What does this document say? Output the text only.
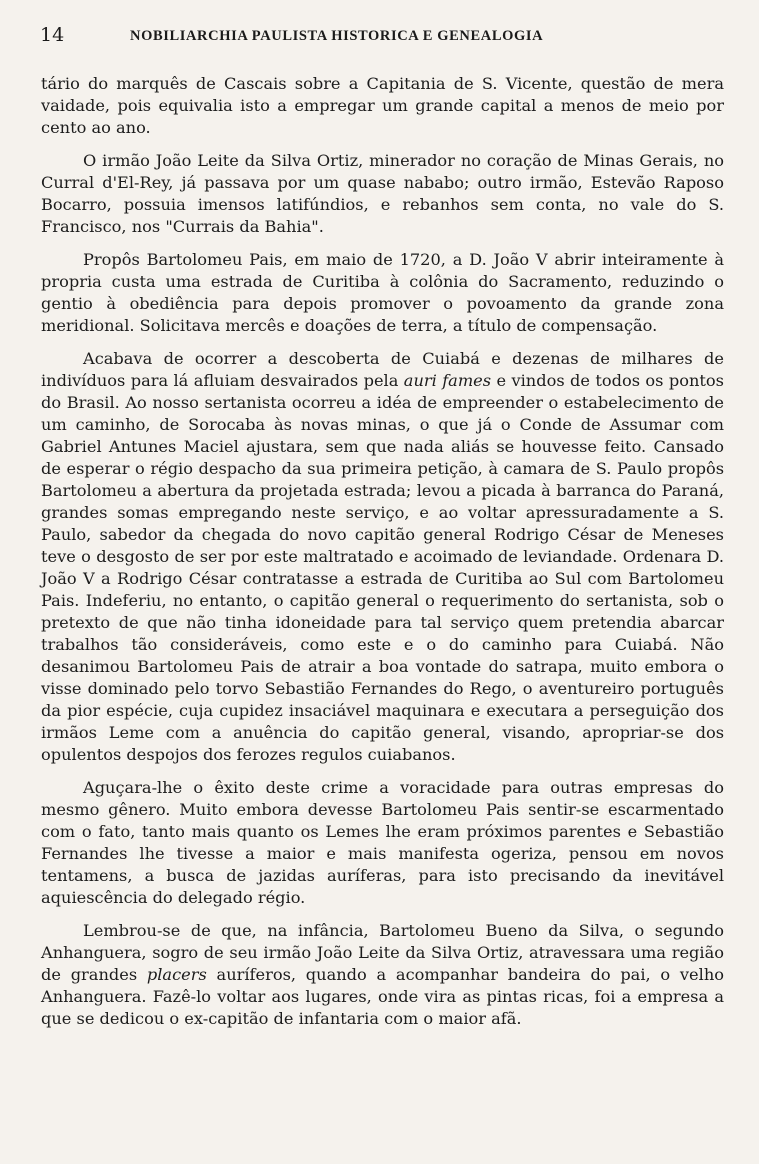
14	NOBILIARCHIA PAULISTA HISTORICA E GENEALOGIA

tário do marquês de Cascais sobre a Capitania de S. Vicente, questão de mera vaidade, pois equivalia isto a empregar um grande capital a menos de meio por cento ao ano.

O irmão João Leite da Silva Ortiz, minerador no coração de Minas Gerais, no Curral d'El-Rey, já passava por um quase nababo; outro irmão, Estevão Raposo Bocarro, possuia imensos latifúndios, e rebanhos sem conta, no vale do S. Francisco, nos "Currais da Bahia".

Propôs Bartolomeu Pais, em maio de 1720, a D. João V abrir inteiramente à propria custa uma estrada de Curitiba à colônia do Sacramento, reduzindo o gentio à obediência para depois promover o povoamento da grande zona meridional. Solicitava mercês e doações de terra, a título de compensação.

Acabava de ocorrer a descoberta de Cuiabá e dezenas de milhares de indivíduos para lá afluiam desvairados pela auri fames e vindos de todos os pontos do Brasil. Ao nosso sertanista ocorreu a idéa de empreender o estabelecimento de um caminho, de Sorocaba às novas minas, o que já o Conde de Assumar com Gabriel Antunes Maciel ajustara, sem que nada aliás se houvesse feito. Cansado de esperar o régio despacho da sua primeira petição, à camara de S. Paulo propôs Bartolomeu a abertura da projetada estrada; levou a picada à barranca do Paraná, grandes somas empregando neste serviço, e ao voltar apressuradamente a S. Paulo, sabedor da chegada do novo capitão general Rodrigo César de Meneses teve o desgosto de ser por este maltratado e acoimado de leviandade. Ordenara D. João V a Rodrigo César contratasse a estrada de Curitiba ao Sul com Bartolomeu Pais. Indeferiu, no entanto, o capitão general o requerimento do sertanista, sob o pretexto de que não tinha idoneidade para tal serviço quem pretendia abarcar trabalhos tão consideráveis, como este e o do caminho para Cuiabá. Não desanimou Bartolomeu Pais de atrair a boa vontade do satrapa, muito embora o visse dominado pelo torvo Sebastião Fernandes do Rego, o aventureiro português da pior espécie, cuja cupidez insaciável maquinara e executara a perseguição dos irmãos Leme com a anuência do capitão general, visando, apropriar-se dos opulentos despojos dos ferozes regulos cuiabanos.

Aguçara-lhe o êxito deste crime a voracidade para outras empresas do mesmo gênero. Muito embora devesse Bartolomeu Pais sentir-se escarmentado com o fato, tanto mais quanto os Lemes lhe eram próximos parentes e Sebastião Fernandes lhe tivesse a maior e mais manifesta ogeriza, pensou em novos tentamens, a busca de jazidas auríferas, para isto precisando da inevitável aquiescência do delegado régio.

Lembrou-se de que, na infância, Bartolomeu Bueno da Silva, o segundo Anhanguera, sogro de seu irmão João Leite da Silva Ortiz, atravessara uma região de grandes placers auríferos, quando a acompanhar bandeira do pai, o velho Anhanguera. Fazê-lo voltar aos lugares, onde vira as pintas ricas, foi a empresa a que se dedicou o ex-capitão de infantaria com o maior afã.
